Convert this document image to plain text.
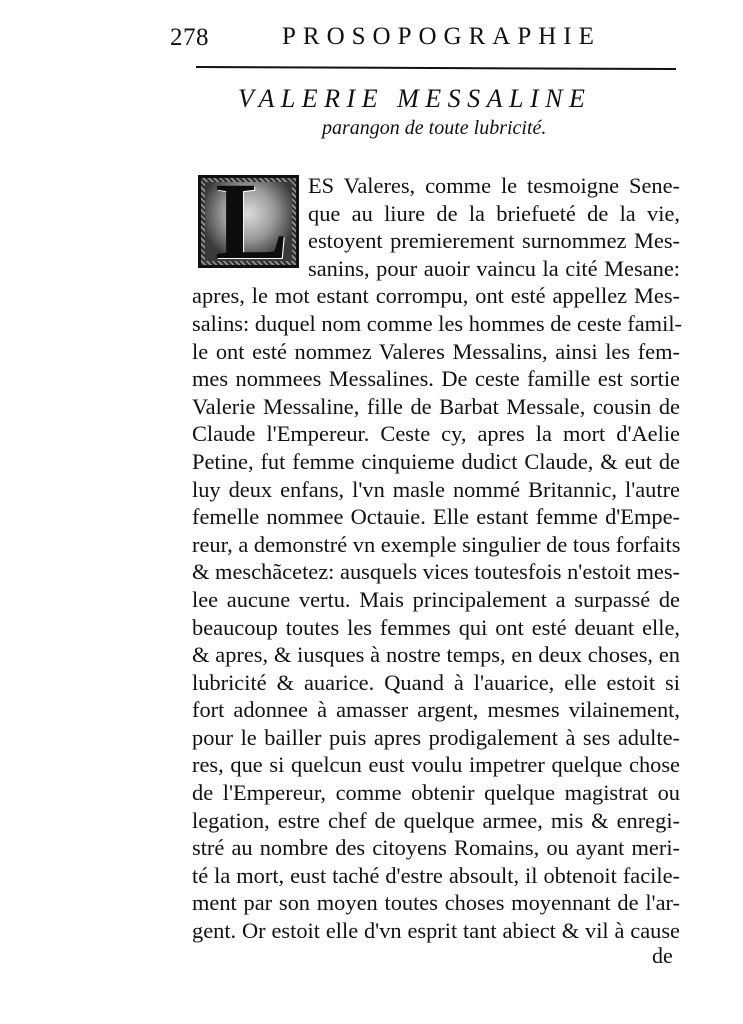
278	PROSOPOGRAPHIE
VALERIE MESSALINE
parangon de toute lubricité.
L ES Valeres, comme le tesmoigne Sene-
que au liure de la briefueté de la vie,
estoyent premierement surnommez Mes-
sanins, pour auoir vaincu la cité Mesane:
apres, le mot estant corrompu, ont esté appellez Mes-
salins: duquel nom comme les hommes de ceste famil-
le ont esté nommez Valeres Messalins, ainsi les fem-
mes nommees Messalines. De ceste famille est sortie
Valerie Messaline, fille de Barbat Messale, cousin de
Claude l'Empereur. Ceste cy, apres la mort d'Aelie
Petine, fut femme cinquieme dudict Claude, & eut de
luy deux enfans, l'vn masle nommé Britannic, l'autre
femelle nommee Octauie. Elle estant femme d'Empe-
reur, a demonstré vn exemple singulier de tous forfaits
& meschãcetez: ausquels vices toutesfois n'estoit mes-
lee aucune vertu. Mais principalement a surpassé de
beaucoup toutes les femmes qui ont esté deuant elle,
& apres, & iusques à nostre temps, en deux choses, en
lubricité & auarice. Quand à l'auarice, elle estoit si
fort adonnee à amasser argent, mesmes vilainement,
pour le bailler puis apres prodigalement à ses adulte-
res, que si quelcun eust voulu impetrer quelque chose
de l'Empereur, comme obtenir quelque magistrat ou
legation, estre chef de quelque armee, mis & enregi-
stré au nombre des citoyens Romains, ou ayant meri-
té la mort, eust taché d'estre absoult, il obtenoit facile-
ment par son moyen toutes choses moyennant de l'ar-
gent. Or estoit elle d'vn esprit tant abiect & vil à cause
de
